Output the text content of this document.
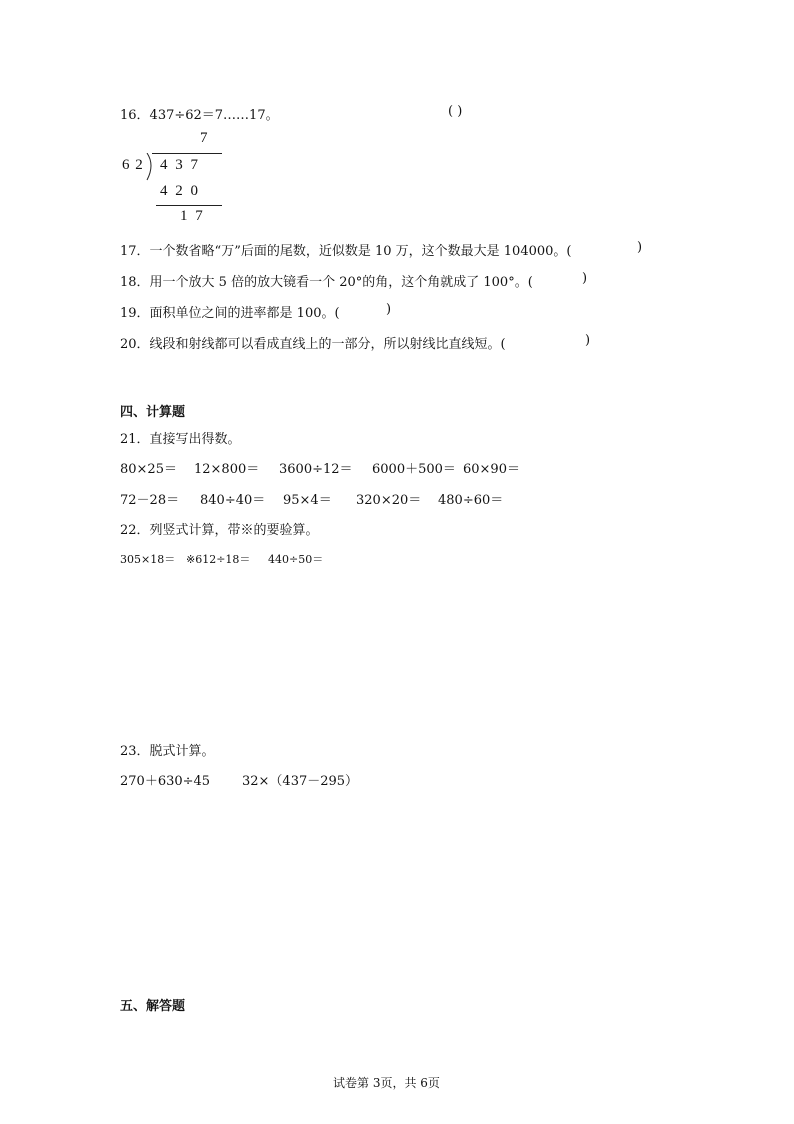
16．437÷62＝7……17。	( )
7
6 2 4 3 7
4 2 0
1 7
17．一个数省略“万”后面的尾数，近似数是 10 万，这个数最大是 104000。(	)
18．用一个放大 5 倍的放大镜看一个 20°的角，这个角就成了 100°。(	)
19．面积单位之间的进率都是 100。(	)
20．线段和射线都可以看成直线上的一部分，所以射线比直线短。(	)
四、计算题
21．直接写出得数。
80×25＝ 12×800＝ 3600÷12＝ 6000＋500＝ 60×90＝
72－28＝ 840÷40＝ 95×4＝ 320×20＝ 480÷60＝
22．列竖式计算，带※的要验算。
305×18＝ ※612÷18＝ 440÷50＝
23．脱式计算。
270＋630÷45 32×（437－295）
五、解答题
试卷第 3页，共 6页
